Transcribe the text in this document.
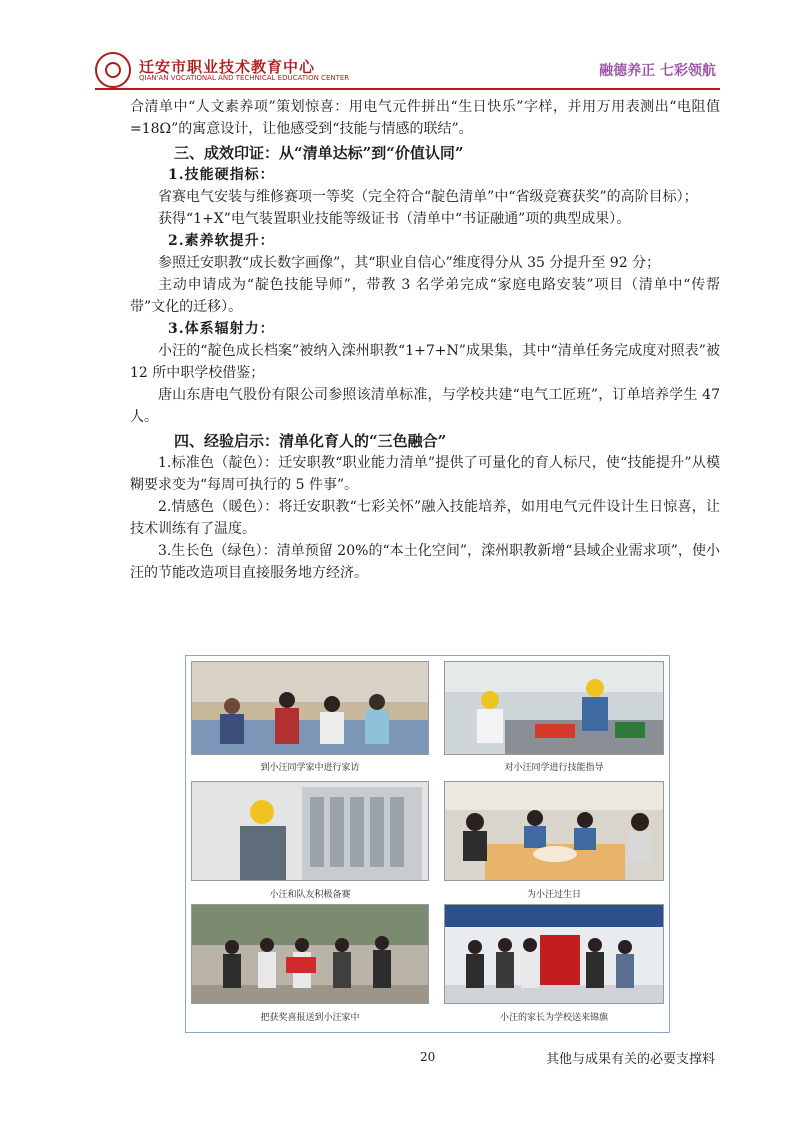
迁安市职业技术教育中心
QIAN'AN VOCATIONAL AND TECHNICAL EDUCATION CENTER	融德养正 七彩领航

合清单中“人文素养项”策划惊喜：用电气元件拼出“生日快乐”字样，并用万用表测出“电阻值=18Ω”的寓意设计，让他感受到“技能与情感的联结”。

三、成效印证：从“清单达标”到“价值认同”

1.技能硬指标：

省赛电气安装与维修赛项一等奖（完全符合“靛色清单”中“省级竞赛获奖”的高阶目标）；

获得“1+X”电气装置职业技能等级证书（清单中“书证融通”项的典型成果）。

2.素养软提升：

参照迁安职教“成长数字画像”，其“职业自信心”维度得分从 35 分提升至 92 分；

主动申请成为“靛色技能导师”，带教 3 名学弟完成“家庭电路安装”项目（清单中“传帮带”文化的迁移）。

3.体系辐射力：

小汪的“靛色成长档案”被纳入滦州职教“1+7+N”成果集，其中“清单任务完成度对照表”被 12 所中职学校借鉴；

唐山东唐电气股份有限公司参照该清单标准，与学校共建“电气工匠班”，订单培养学生 47 人。

四、经验启示：清单化育人的“三色融合”

1.标准色（靛色）：迁安职教“职业能力清单”提供了可量化的育人标尺，使“技能提升”从模糊要求变为“每周可执行的 5 件事”。

2.情感色（暖色）：将迁安职教“七彩关怀”融入技能培养，如用电气元件设计生日惊喜，让技术训练有了温度。

3.生长色（绿色）：清单预留 20%的“本土化空间”，滦州职教新增“县域企业需求项”，使小汪的节能改造项目直接服务地方经济。

到小汪同学家中进行家访	对小汪同学进行技能指导
小汪和队友积极备赛	为小汪过生日
把获奖喜报送到小汪家中	小汪的家长为学校送来锦旗
20	其他与成果有关的必要支撑料
